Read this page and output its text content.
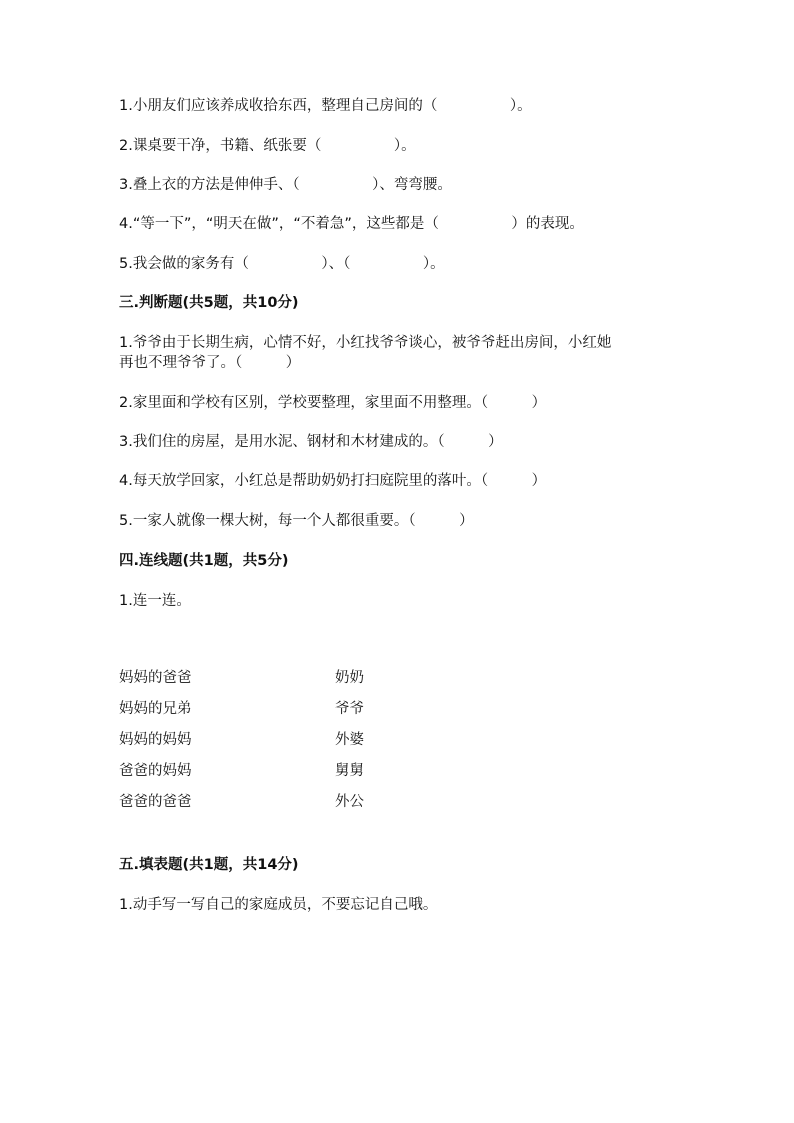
1.小朋友们应该养成收拾东西，整理自己房间的（　　　　　）。
2.课桌要干净，书籍、纸张要（　　　　　）。
3.叠上衣的方法是伸伸手、（　　　　　）、弯弯腰。
4.“等一下”，“明天在做”，“不着急”，这些都是（　　　　　）的表现。
5.我会做的家务有（　　　　　）、（　　　　　）。
三.判断题(共5题，共10分)
1.爷爷由于长期生病，心情不好，小红找爷爷谈心，被爷爷赶出房间，小红她
再也不理爷爷了。（　　　）
2.家里面和学校有区别，学校要整理，家里面不用整理。（　　　）
3.我们住的房屋，是用水泥、钢材和木材建成的。（　　　）
4.每天放学回家，小红总是帮助奶奶打扫庭院里的落叶。（　　　）
5.一家人就像一棵大树，每一个人都很重要。（　　　）
四.连线题(共1题，共5分)
1.连一连。
妈妈的爸爸
妈妈的兄弟
妈妈的妈妈
爸爸的妈妈
爸爸的爸爸
奶奶
爷爷
外婆
舅舅
外公
五.填表题(共1题，共14分)
1.动手写一写自己的家庭成员，不要忘记自己哦。
